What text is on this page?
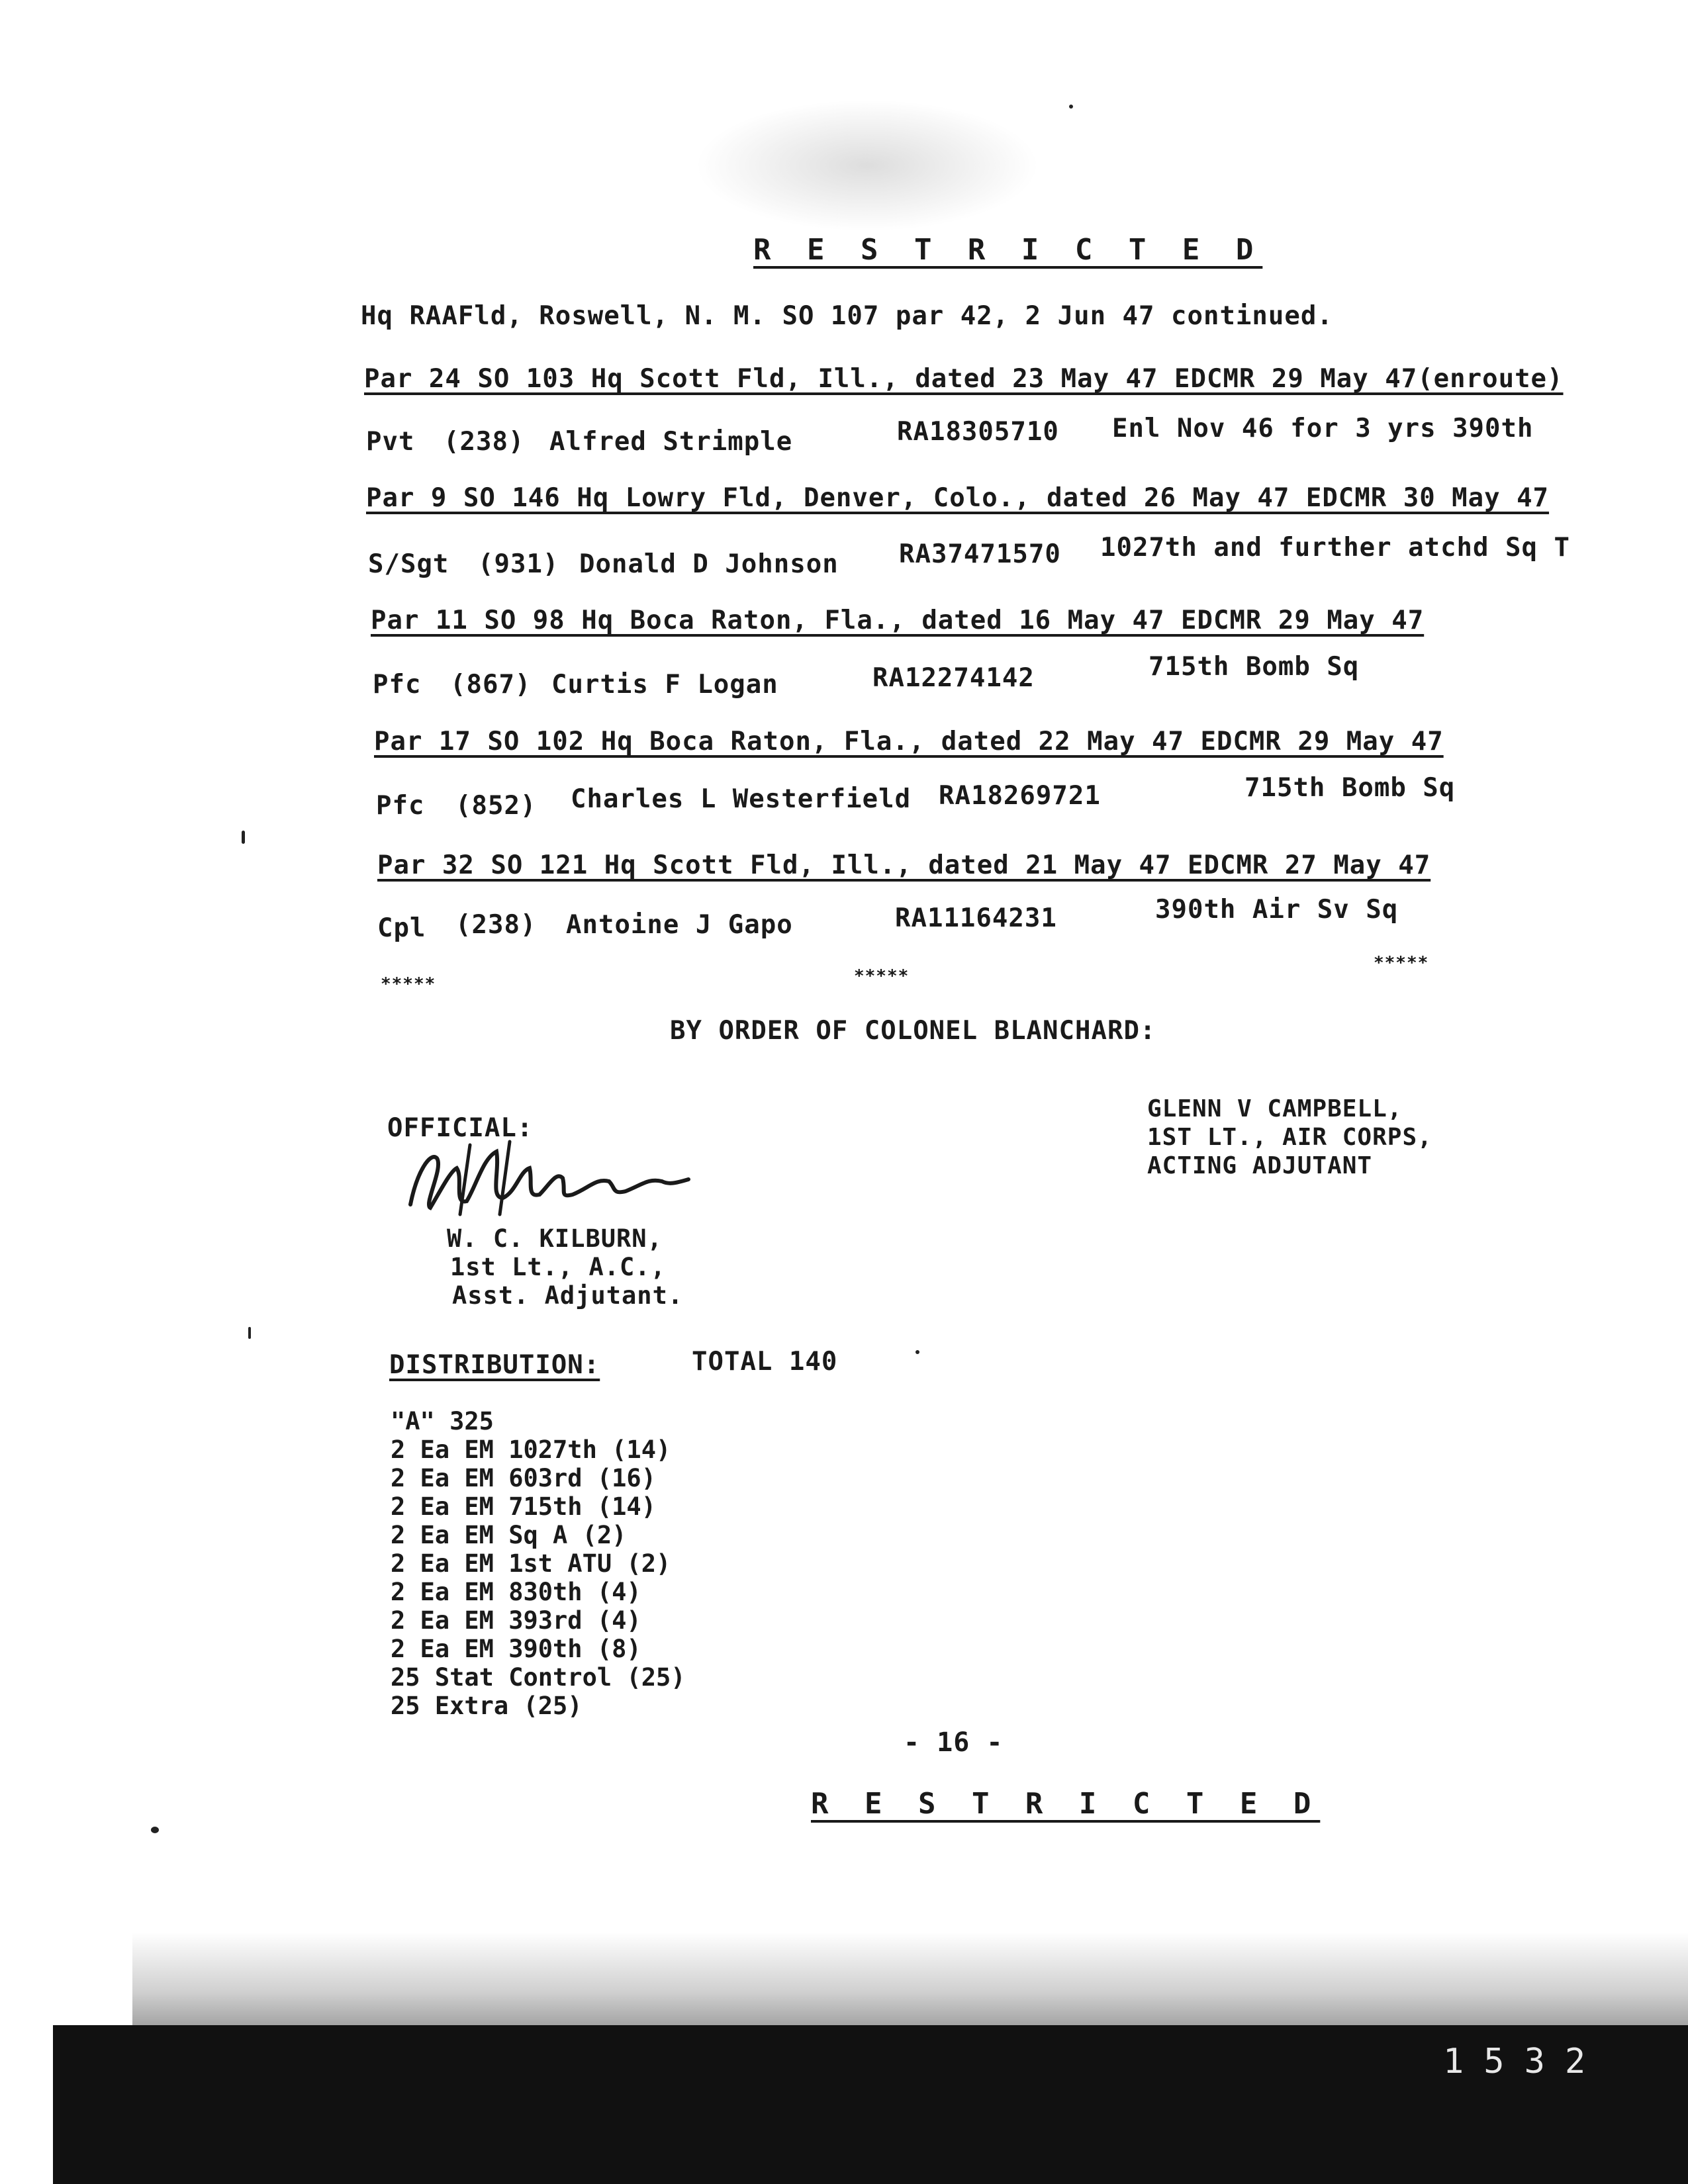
R E S T R I C T E D
Hq RAAFld, Roswell, N. M. SO 107 par 42, 2 Jun 47 continued.
Par 24 SO 103 Hq Scott Fld, Ill., dated 23 May 47 EDCMR 29 May 47(enroute)
Pvt (238) Alfred Strimple	RA18305710 Enl Nov 46 for 3 yrs 390th
Par 9 SO 146 Hq Lowry Fld, Denver, Colo., dated 26 May 47 EDCMR 30 May 47
S/Sgt (931) Donald D Johnson RA37471570 1027th and further atchd Sq T
Par 11 SO 98 Hq Boca Raton, Fla., dated 16 May 47 EDCMR 29 May 47
Pfc (867) Curtis F Logan	RA12274142	715th Bomb Sq
Par 17 SO 102 Hq Boca Raton, Fla., dated 22 May 47 EDCMR 29 May 47
Pfc (852) Charles L Westerfield RA18269721	715th Bomb Sq
Par 32 SO 121 Hq Scott Fld, Ill., dated 21 May 47 EDCMR 27 May 47
Cpl (238) Antoine J Gapo	RA11164231	390th Air Sv Sq
*****	*****
*****
BY ORDER OF COLONEL BLANCHARD:
GLENN V CAMPBELL,
1ST LT., AIR CORPS,
ACTING ADJUTANT
OFFICIAL:
W. C. KILBURN,
1st Lt., A.C.,
Asst. Adjutant.
DISTRIBUTION:	TOTAL 140
"A" 325
2 Ea EM 1027th (14)
2 Ea EM 603rd (16)
2 Ea EM 715th (14)
2 Ea EM Sq A (2)
2 Ea EM 1st ATU (2)
2 Ea EM 830th (4)
2 Ea EM 393rd (4)
2 Ea EM 390th (8)
25 Stat Control (25)
25 Extra (25)
- 16 -
R E S T R I C T E D
1532
